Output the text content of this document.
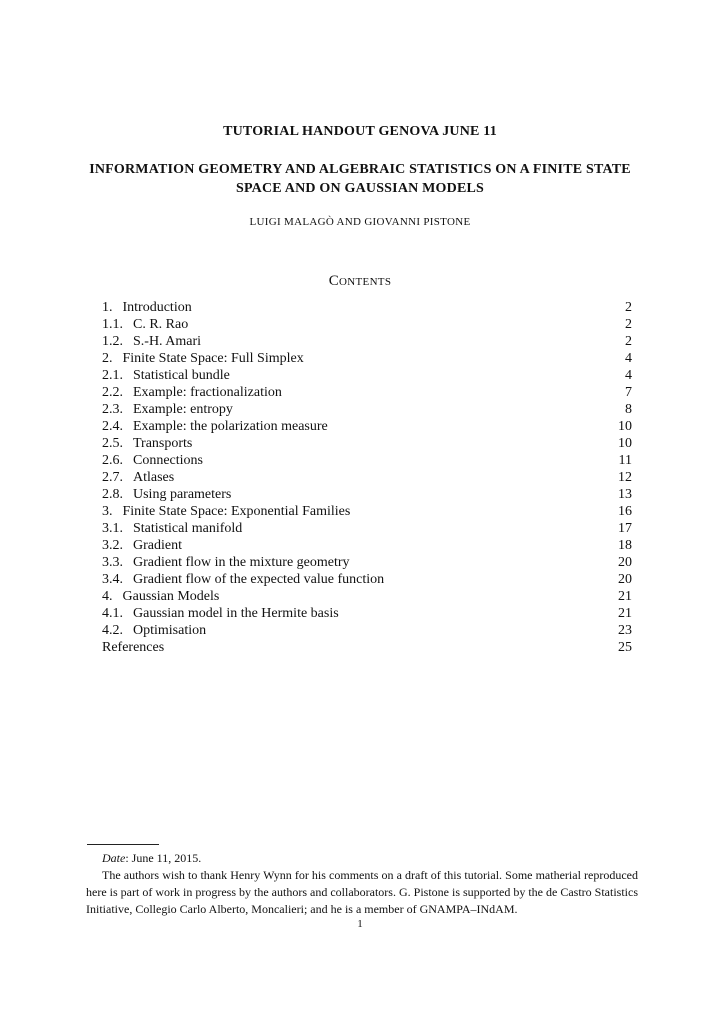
TUTORIAL HANDOUT GENOVA JUNE 11
INFORMATION GEOMETRY AND ALGEBRAIC STATISTICS ON A FINITE STATE SPACE AND ON GAUSSIAN MODELS
LUIGI MALAGÒ AND GIOVANNI PISTONE
Contents
1. Introduction	2
1.1. C. R. Rao	2
1.2. S.-H. Amari	2
2. Finite State Space: Full Simplex	4
2.1. Statistical bundle	4
2.2. Example: fractionalization	7
2.3. Example: entropy	8
2.4. Example: the polarization measure	10
2.5. Transports	10
2.6. Connections	11
2.7. Atlases	12
2.8. Using parameters	13
3. Finite State Space: Exponential Families	16
3.1. Statistical manifold	17
3.2. Gradient	18
3.3. Gradient flow in the mixture geometry	20
3.4. Gradient flow of the expected value function	20
4. Gaussian Models	21
4.1. Gaussian model in the Hermite basis	21
4.2. Optimisation	23
References	25
Date: June 11, 2015.
The authors wish to thank Henry Wynn for his comments on a draft of this tutorial. Some matherial reproduced here is part of work in progress by the authors and collaborators. G. Pistone is supported by the de Castro Statistics Initiative, Collegio Carlo Alberto, Moncalieri; and he is a member of GNAMPA–INdAM.
1
